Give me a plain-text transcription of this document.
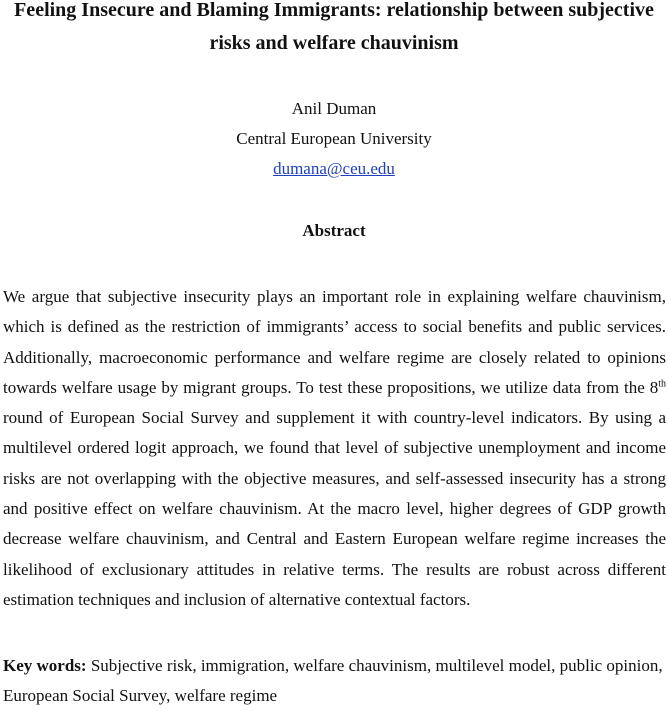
Feeling Insecure and Blaming Immigrants: relationship between subjective risks and welfare chauvinism
Anil Duman
Central European University
dumana@ceu.edu
Abstract
We argue that subjective insecurity plays an important role in explaining welfare chauvinism, which is defined as the restriction of immigrants’ access to social benefits and public services. Additionally, macroeconomic performance and welfare regime are closely related to opinions towards welfare usage by migrant groups. To test these propositions, we utilize data from the 8th round of European Social Survey and supplement it with country-level indicators. By using a multilevel ordered logit approach, we found that level of subjective unemployment and income risks are not overlapping with the objective measures, and self-assessed insecurity has a strong and positive effect on welfare chauvinism. At the macro level, higher degrees of GDP growth decrease welfare chauvinism, and Central and Eastern European welfare regime increases the likelihood of exclusionary attitudes in relative terms. The results are robust across different estimation techniques and inclusion of alternative contextual factors.
Key words: Subjective risk, immigration, welfare chauvinism, multilevel model, public opinion, European Social Survey, welfare regime
